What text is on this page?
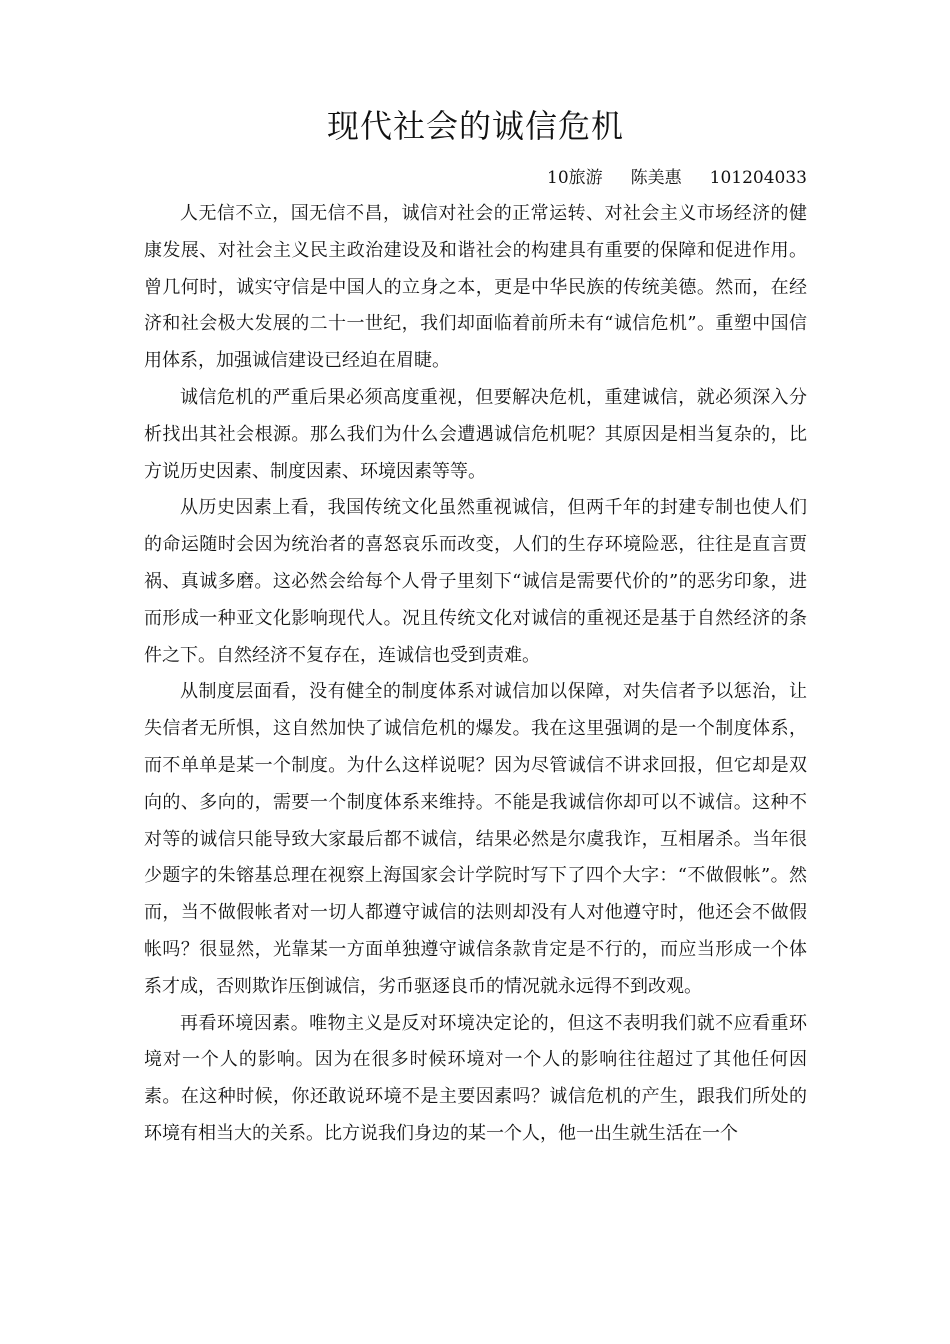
现代社会的诚信危机
10旅游 陈美惠 101204033

人无信不立，国无信不昌，诚信对社会的正常运转、对社会主义市场经济的健康发展、对社会主义民主政治建设及和谐社会的构建具有重要的保障和促进作用。曾几何时，诚实守信是中国人的立身之本，更是中华民族的传统美德。然而，在经济和社会极大发展的二十一世纪，我们却面临着前所未有“诚信危机”。重塑中国信用体系，加强诚信建设已经迫在眉睫。

诚信危机的严重后果必须高度重视，但要解决危机，重建诚信，就必须深入分析找出其社会根源。那么我们为什么会遭遇诚信危机呢？其原因是相当复杂的，比方说历史因素、制度因素、环境因素等等。

从历史因素上看，我国传统文化虽然重视诚信，但两千年的封建专制也使人们的命运随时会因为统治者的喜怒哀乐而改变，人们的生存环境险恶，往往是直言贾祸、真诚多磨。这必然会给每个人骨子里刻下“诚信是需要代价的”的恶劣印象，进而形成一种亚文化影响现代人。况且传统文化对诚信的重视还是基于自然经济的条件之下。自然经济不复存在，连诚信也受到责难。

从制度层面看，没有健全的制度体系对诚信加以保障，对失信者予以惩治，让失信者无所惧，这自然加快了诚信危机的爆发。我在这里强调的是一个制度体系，而不单单是某一个制度。为什么这样说呢？因为尽管诚信不讲求回报，但它却是双向的、多向的，需要一个制度体系来维持。不能是我诚信你却可以不诚信。这种不对等的诚信只能导致大家最后都不诚信，结果必然是尔虞我诈，互相屠杀。当年很少题字的朱镕基总理在视察上海国家会计学院时写下了四个大字：“不做假帐”。然而，当不做假帐者对一切人都遵守诚信的法则却没有人对他遵守时，他还会不做假帐吗？很显然，光靠某一方面单独遵守诚信条款肯定是不行的，而应当形成一个体系才成，否则欺诈压倒诚信，劣币驱逐良币的情况就永远得不到改观。

再看环境因素。唯物主义是反对环境决定论的，但这不表明我们就不应看重环境对一个人的影响。因为在很多时候环境对一个人的影响往往超过了其他任何因素。在这种时候，你还敢说环境不是主要因素吗？诚信危机的产生，跟我们所处的环境有相当大的关系。比方说我们身边的某一个人，他一出生就生活在一个
